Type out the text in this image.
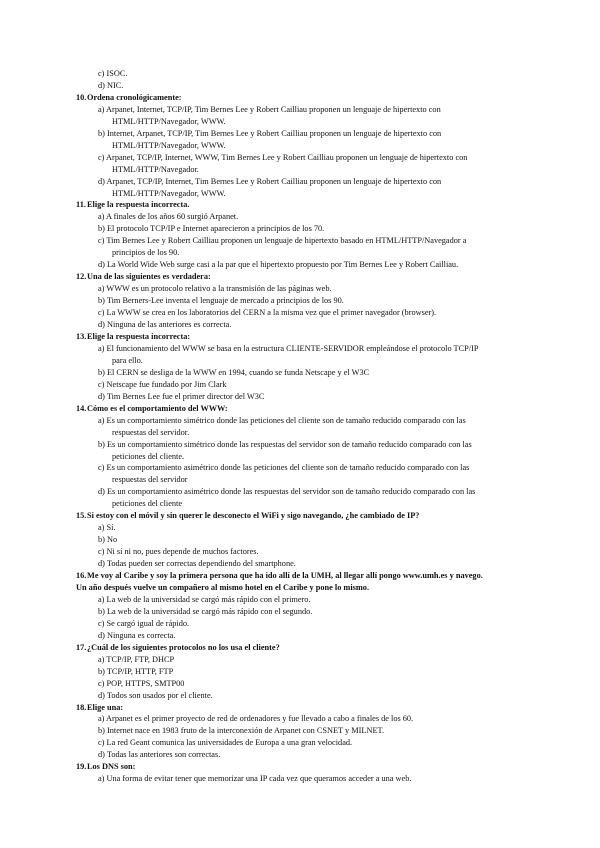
c) ISOC.
d) NIC.
10.Ordena cronológicamente:
a) Arpanet, Internet, TCP/IP, Tim Bernes Lee y Robert Cailliau proponen un lenguaje de hipertexto con
HTML/HTTP/Navegador, WWW.
b) Internet, Arpanet, TCP/IP, Tim Bernes Lee y Robert Cailliau proponen un lenguaje de hipertexto con
HTML/HTTP/Navegador, WWW.
c) Arpanet, TCP/IP, Internet, WWW, Tim Bernes Lee y Robert Cailliau proponen un lenguaje de hipertexto con
HTML/HTTP/Navegador.
d) Arpanet, TCP/IP, Internet, Tim Bernes Lee y Robert Cailliau proponen un lenguaje de hipertexto con
HTML/HTTP/Navegador, WWW.
11.Elige la respuesta incorrecta.
a) A finales de los años 60 surgió Arpanet.
b) El protocolo TCP/IP e Internet aparecieron a principios de los 70.
c) Tim Bernes Lee y Robert Cailliau proponen un lenguaje de hipertexto basado en HTML/HTTP/Navegador a
principios de los 90.
d) La World Wide Web surge casi a la par que el hipertexto propuesto por Tim Bernes Lee y Robert Cailliau.
12.Una de las siguientes es verdadera:
a) WWW es un protocolo relativo a la transmisión de las páginas web.
b) Tim Berners-Lee inventa el lenguaje de mercado a principios de los 90.
c) La WWW se crea en los laboratorios del CERN a la misma vez que el primer navegador (browser).
d) Ninguna de las anteriores es correcta.
13.Elige la respuesta incorrecta:
a) El funcionamiento del WWW se basa en la estructura CLIENTE-SERVIDOR empleándose el protocolo TCP/IP
para ello.
b) El CERN se desliga de la WWW en 1994, cuando se funda Netscape y el W3C
c) Netscape fue fundado por Jim Clark
d) Tim Bernes Lee fue el primer director del W3C
14.Cómo es el comportamiento del WWW:
a) Es un comportamiento simétrico donde las peticiones del cliente son de tamaño reducido comparado con las
respuestas del servidor.
b) Es un comportamiento simétrico donde las respuestas del servidor son de tamaño reducido comparado con las
peticiones del cliente.
c) Es un comportamiento asimétrico donde las peticiones del cliente son de tamaño reducido comparado con las
respuestas del servidor
d) Es un comportamiento asimétrico donde las respuestas del servidor son de tamaño reducido comparado con las
peticiones del cliente
15.Si estoy con el móvil y sin querer le desconecto el WiFi y sigo navegando, ¿he cambiado de IP?
a) Sí.
b) No
c) Ni sí ni no, pues depende de muchos factores.
d) Todas pueden ser correctas dependiendo del smartphone.
16.Me voy al Caribe y soy la primera persona que ha ido allí de la UMH, al llegar allí pongo www.umh.es y navego.
Un año después vuelve un compañero al mismo hotel en el Caribe y pone lo mismo.
a) La web de la universidad se cargó más rápido con el primero.
b) La web de la universidad se cargó más rápido con el segundo.
c) Se cargó igual de rápido.
d) Ninguna es correcta.
17.¿Cuál de los siguientes protocolos no los usa el cliente?
a) TCP/IP, FTP, DHCP
b) TCP/IP, HTTP, FTP
c) POP, HTTPS, SMTP00
d) Todos son usados por el cliente.
18.Elige una:
a) Arpanet es el primer proyecto de red de ordenadores y fue llevado a cabo a finales de los 60.
b) Internet nace en 1983 fruto de la interconexión de Arpanet con CSNET y MILNET.
c) La red Geant comunica las universidades de Europa a una gran velocidad.
d) Todas las anteriores son correctas.
19.Los DNS son:
a) Una forma de evitar tener que memorizar una IP cada vez que queramos acceder a una web.
